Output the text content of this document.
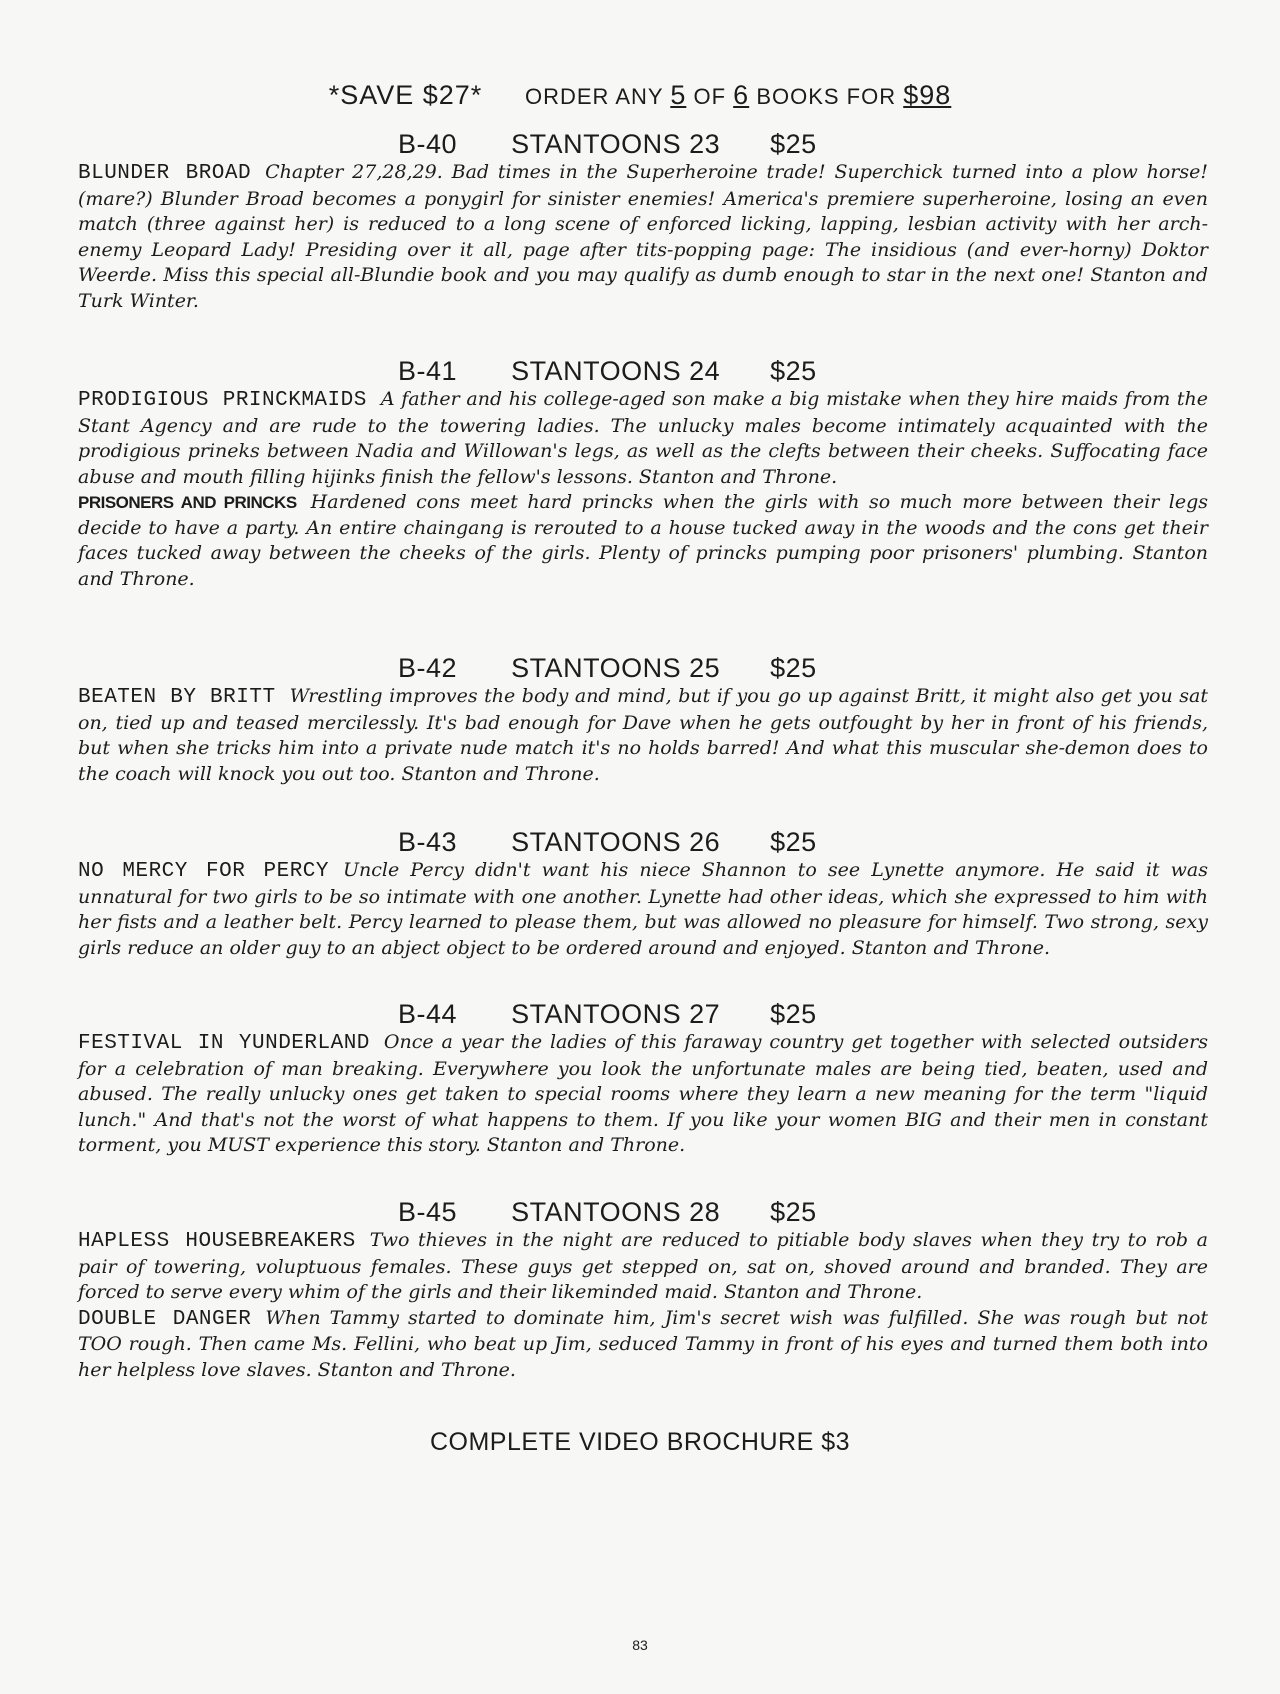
*SAVE $27* ORDER ANY 5 OF 6 BOOKS FOR $98
B-40 STANTOONS 23 $25
BLUNDER BROAD Chapter 27,28,29. Bad times in the Superheroine trade! Superchick turned into a plow horse! (mare?) Blunder Broad becomes a ponygirl for sinister enemies! America's premiere superheroine, losing an even match (three against her) is reduced to a long scene of enforced licking, lapping, lesbian activity with her arch-enemy Leopard Lady! Presiding over it all, page after tits-popping page: The insidious (and ever-horny) Doktor Weerde. Miss this special all-Blundie book and you may qualify as dumb enough to star in the next one! Stanton and Turk Winter.
B-41 STANTOONS 24 $25
PRODIGIOUS PRINCKMAIDS A father and his college-aged son make a big mistake when they hire maids from the Stant Agency and are rude to the towering ladies. The unlucky males become intimately acquainted with the prodigious prineks between Nadia and Willowan's legs, as well as the clefts between their cheeks. Suffocating face abuse and mouth filling hijinks finish the fellow's lessons. Stanton and Throne.
PRISONERS AND PRINCKS Hardened cons meet hard princks when the girls with so much more between their legs decide to have a party. An entire chaingang is rerouted to a house tucked away in the woods and the cons get their faces tucked away between the cheeks of the girls. Plenty of princks pumping poor prisoners' plumbing. Stanton and Throne.
B-42 STANTOONS 25 $25
BEATEN BY BRITT Wrestling improves the body and mind, but if you go up against Britt, it might also get you sat on, tied up and teased mercilessly. It's bad enough for Dave when he gets outfought by her in front of his friends, but when she tricks him into a private nude match it's no holds barred! And what this muscular she-demon does to the coach will knock you out too. Stanton and Throne.
B-43 STANTOONS 26 $25
NO MERCY FOR PERCY Uncle Percy didn't want his niece Shannon to see Lynette anymore. He said it was unnatural for two girls to be so intimate with one another. Lynette had other ideas, which she expressed to him with her fists and a leather belt. Percy learned to please them, but was allowed no pleasure for himself. Two strong, sexy girls reduce an older guy to an abject object to be ordered around and enjoyed. Stanton and Throne.
B-44 STANTOONS 27 $25
FESTIVAL IN YUNDERLAND Once a year the ladies of this faraway country get together with selected outsiders for a celebration of man breaking. Everywhere you look the unfortunate males are being tied, beaten, used and abused. The really unlucky ones get taken to special rooms where they learn a new meaning for the term "liquid lunch." And that's not the worst of what happens to them. If you like your women BIG and their men in constant torment, you MUST experience this story. Stanton and Throne.
B-45 STANTOONS 28 $25
HAPLESS HOUSEBREAKERS Two thieves in the night are reduced to pitiable body slaves when they try to rob a pair of towering, voluptuous females. These guys get stepped on, sat on, shoved around and branded. They are forced to serve every whim of the girls and their likeminded maid. Stanton and Throne.
DOUBLE DANGER When Tammy started to dominate him, Jim's secret wish was fulfilled. She was rough but not TOO rough. Then came Ms. Fellini, who beat up Jim, seduced Tammy in front of his eyes and turned them both into her helpless love slaves. Stanton and Throne.
COMPLETE VIDEO BROCHURE $3
83
